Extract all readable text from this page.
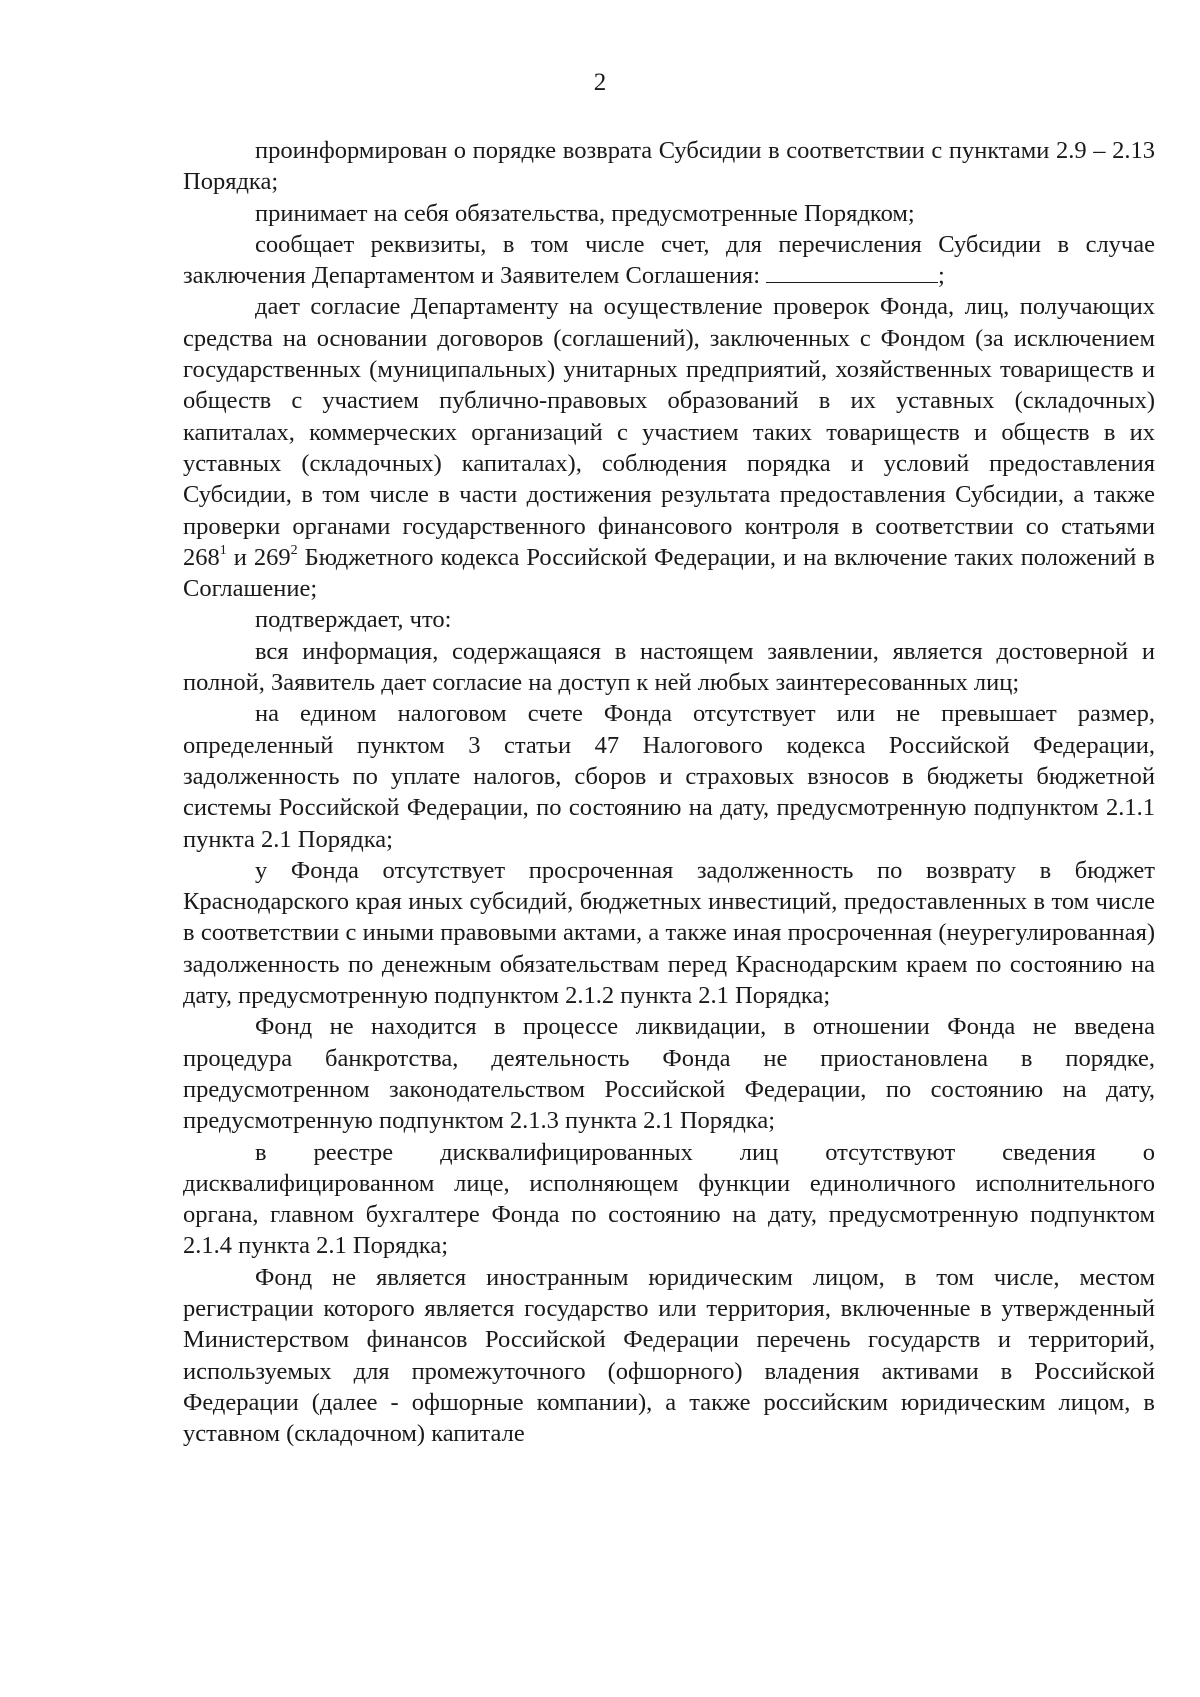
2

проинформирован о порядке возврата Субсидии в соответствии с пунктами 2.9 – 2.13 Порядка;

принимает на себя обязательства, предусмотренные Порядком;

сообщает реквизиты, в том числе счет, для перечисления Субсидии в случае заключения Департаментом и Заявителем Соглашения:	;

дает согласие Департаменту на осуществление проверок Фонда, лиц, получающих средства на основании договоров (соглашений), заключенных с Фондом (за исключением государственных (муниципальных) унитарных предприятий, хозяйственных товариществ и обществ с участием публично-правовых образований в их уставных (складочных) капиталах, коммерческих организаций с участием таких товариществ и обществ в их уставных (складочных) капиталах), соблюдения порядка и условий предоставления Субсидии, в том числе в части достижения результата предоставления Субсидии, а также проверки органами государственного финансового контроля в соответствии со статьями $268^1$ и $269^2$ Бюджетного кодекса Российской Федерации, и на включение таких положений в Соглашение;

подтверждает, что:

вся информация, содержащаяся в настоящем заявлении, является достоверной и полной, Заявитель дает согласие на доступ к ней любых заинтересованных лиц;

на едином налоговом счете Фонда отсутствует или не превышает размер, определенный пунктом 3 статьи 47 Налогового кодекса Российской Федерации, задолженность по уплате налогов, сборов и страховых взносов в бюджеты бюджетной системы Российской Федерации, по состоянию на дату, предусмотренную подпунктом 2.1.1 пункта 2.1 Порядка;

у Фонда отсутствует просроченная задолженность по возврату в бюджет Краснодарского края иных субсидий, бюджетных инвестиций, предоставленных в том числе в соответствии с иными правовыми актами, а также иная просроченная (неурегулированная) задолженность по денежным обязательствам перед Краснодарским краем по состоянию на дату, предусмотренную подпунктом 2.1.2 пункта 2.1 Порядка;

Фонд не находится в процессе ликвидации, в отношении Фонда не введена процедура банкротства, деятельность Фонда не приостановлена в порядке, предусмотренном законодательством Российской Федерации, по состоянию на дату, предусмотренную подпунктом 2.1.3 пункта 2.1 Порядка;

в реестре дисквалифицированных лиц отсутствуют сведения о дисквалифицированном лице, исполняющем функции единоличного исполнительного органа, главном бухгалтере Фонда по состоянию на дату, предусмотренную подпунктом 2.1.4 пункта 2.1 Порядка;

Фонд не является иностранным юридическим лицом, в том числе, местом регистрации которого является государство или территория, включенные в утвержденный Министерством финансов Российской Федерации перечень государств и территорий, используемых для промежуточного (офшорного) владения активами в Российской Федерации (далее - офшорные компании), а также российским юридическим лицом, в уставном (складочном) капитале
